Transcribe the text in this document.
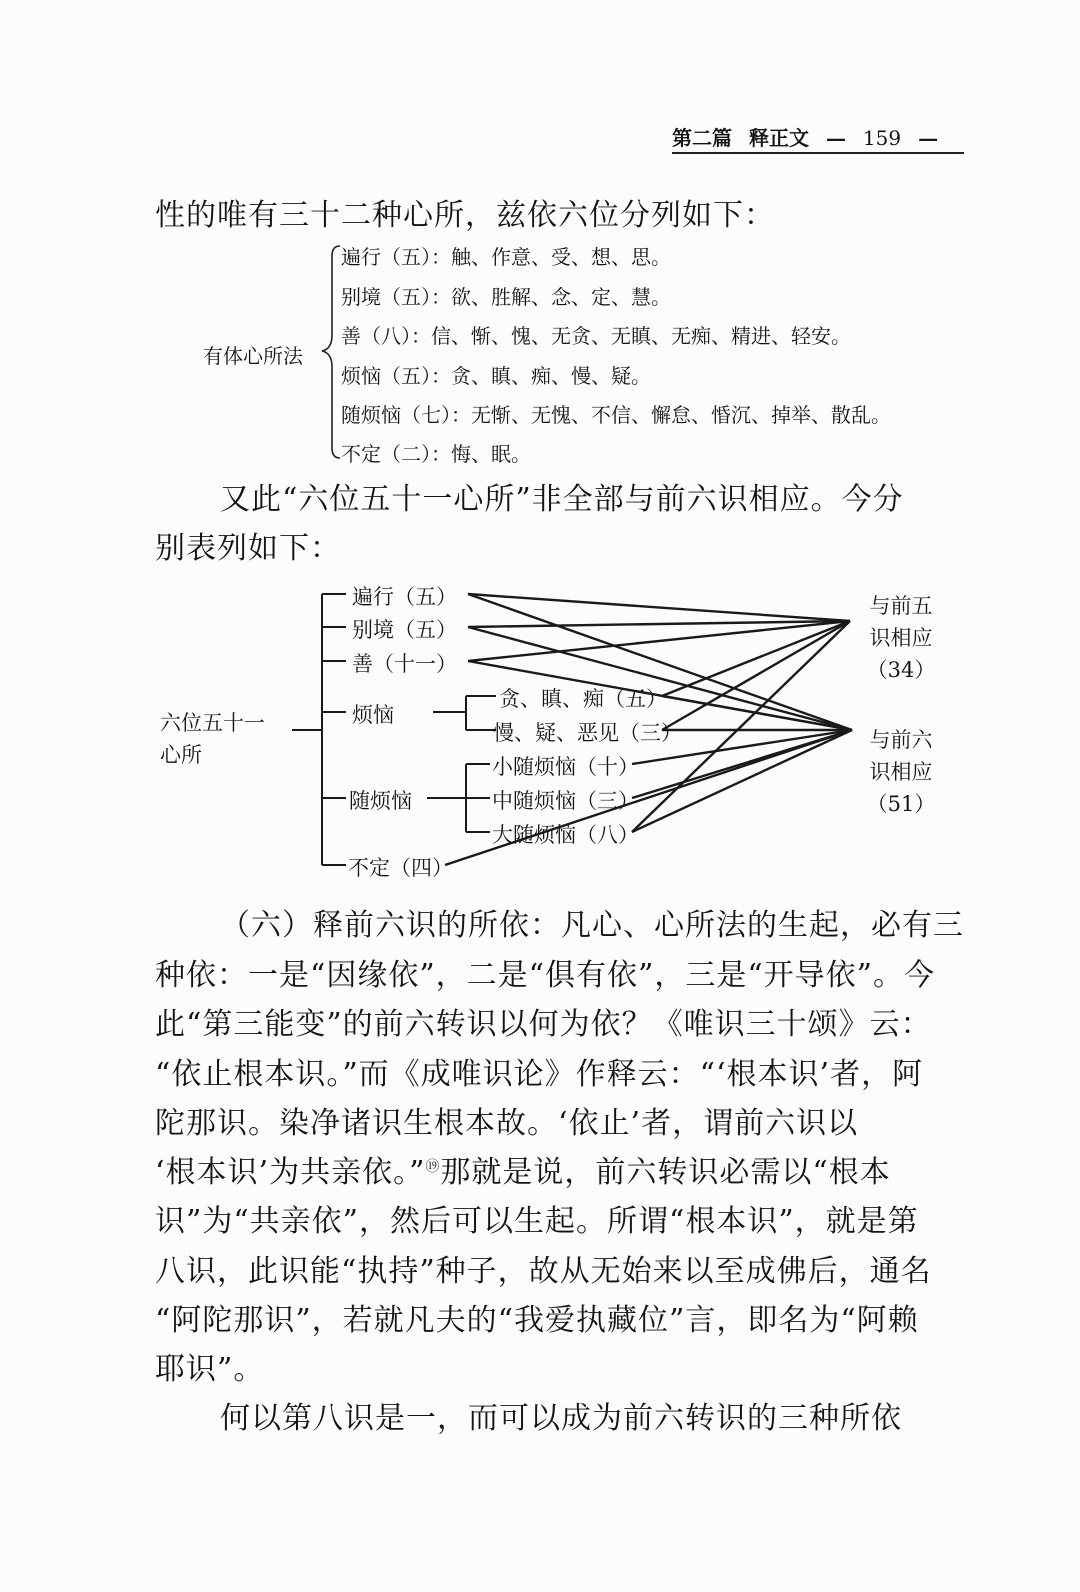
第二篇 释正文 — 159 —
性的唯有三十二种心所，兹依六位分列如下：
有体心所法
遍行（五）：触、作意、受、想、思。
别境（五）：欲、胜解、念、定、慧。
善（八）：信、惭、愧、无贪、无瞋、无痴、精进、轻安。
烦恼（五）：贪、瞋、痴、慢、疑。
随烦恼（七）：无惭、无愧、不信、懈怠、惛沉、掉举、散乱。
不定（二）：悔、眠。
又此“六位五十一心所”非全部与前六识相应。今分
别表列如下：
六位五十一
心所
遍行（五）
别境（五）
善（十一）
烦恼
贪、瞋、痴（五）
慢、疑、恶见（三）
随烦恼
小随烦恼（十）
中随烦恼（三）
大随烦恼（八）
不定（四）
与前五
识相应
（34）
与前六
识相应
（51）
（六）释前六识的所依：凡心、心所法的生起，必有三
种依：一是“因缘依”，二是“俱有依”，三是“开导依”。今
此“第三能变”的前六转识以何为依？《唯识三十颂》云：
“依止根本识。”而《成唯识论》作释云：“‘根本识’者，阿
陀那识。染净诸识生根本故。‘依止’者，谓前六识以
‘根本识’为共亲依。”⑲那就是说，前六转识必需以“根本
识”为“共亲依”，然后可以生起。所谓“根本识”，就是第
八识，此识能“执持”种子，故从无始来以至成佛后，通名
“阿陀那识”，若就凡夫的“我爱执藏位”言，即名为“阿赖
耶识”。
何以第八识是一，而可以成为前六转识的三种所依
